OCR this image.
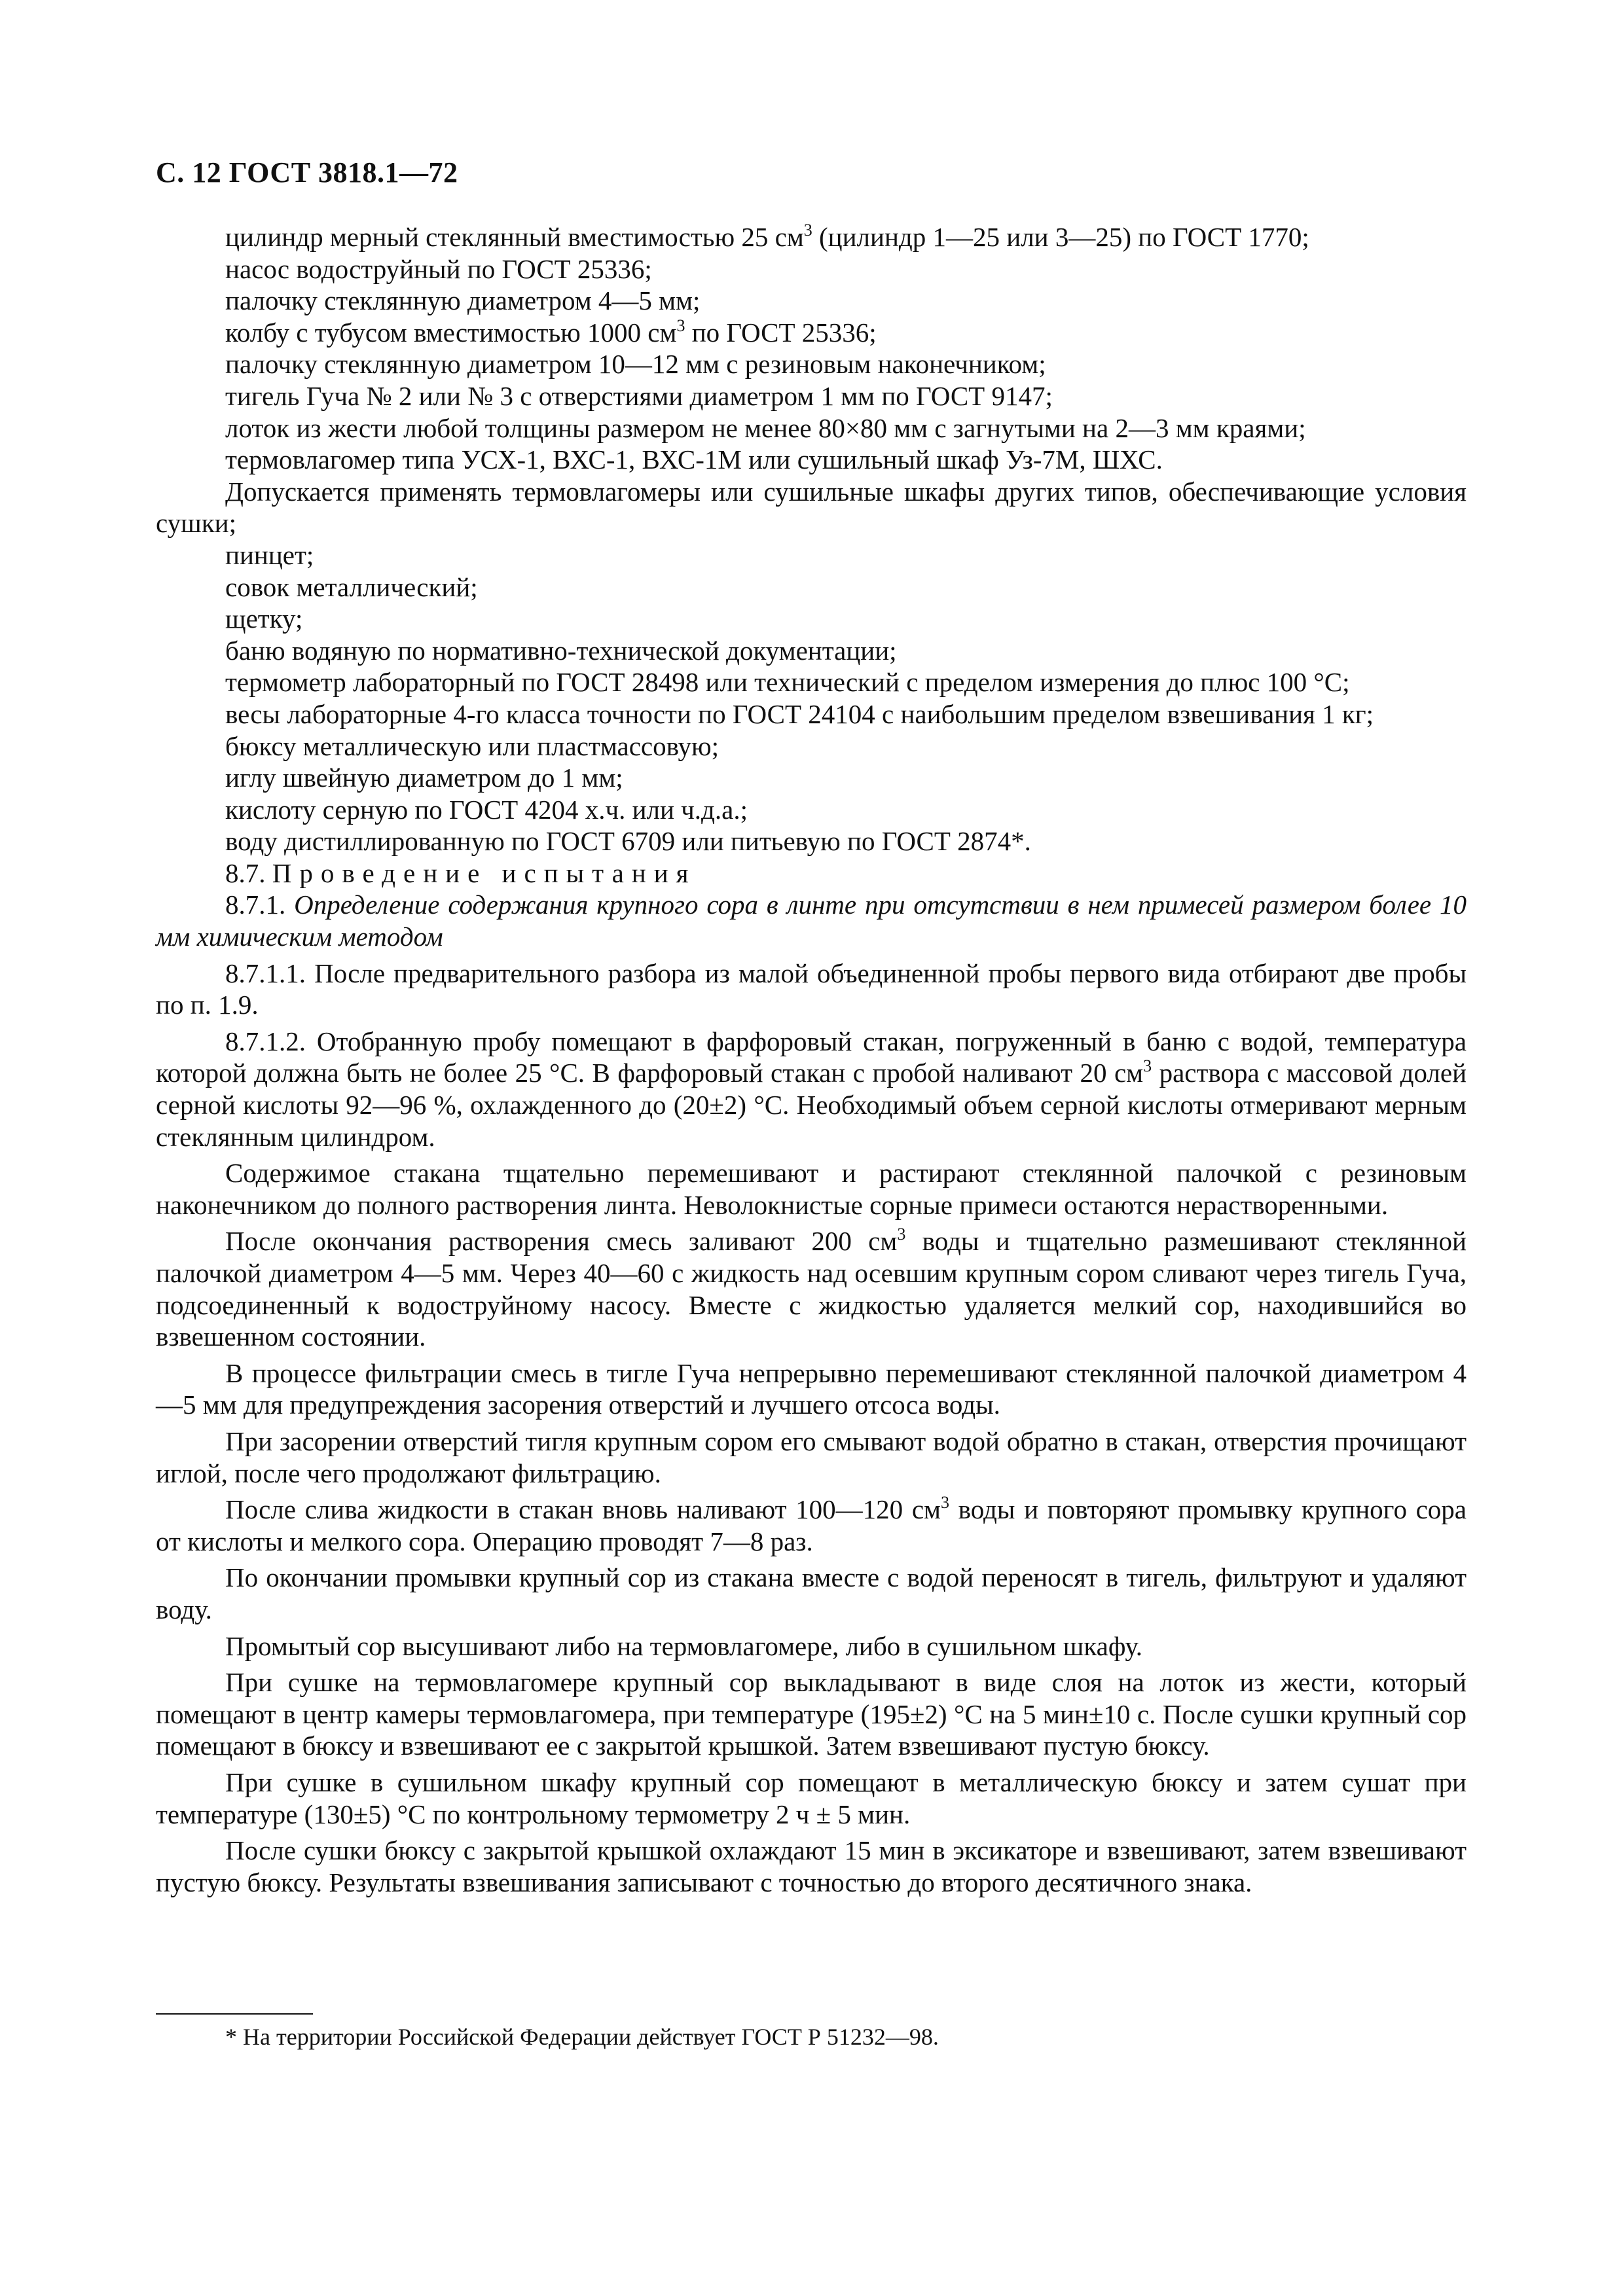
С. 12 ГОСТ 3818.1—72

цилиндр мерный стеклянный вместимостью 25 $см^3$ (цилиндр 1—25 или 3—25) по ГОСТ 1770;

насос водоструйный по ГОСТ 25336;

палочку стеклянную диаметром 4—5 мм;

колбу с тубусом вместимостью 1000 $см^3$ по ГОСТ 25336;

палочку стеклянную диаметром 10—12 мм с резиновым наконечником;

тигель Гуча № 2 или № 3 с отверстиями диаметром 1 мм по ГОСТ 9147;

лоток из жести любой толщины размером не менее 80×80 мм с загнутыми на 2—3 мм краями;

термовлагомер типа УСХ-1, ВХС-1, ВХС-1М или сушильный шкаф Уз-7М, ШХС.

Допускается применять термовлагомеры или сушильные шкафы других типов, обеспечивающие условия сушки;

пинцет;

совок металлический;

щетку;

баню водяную по нормативно-технической документации;

термометр лабораторный по ГОСТ 28498 или технический с пределом измерения до плюс 100 °С;

весы лабораторные 4-го класса точности по ГОСТ 24104 с наибольшим пределом взвешивания 1 кг;

бюксу металлическую или пластмассовую;

иглу швейную диаметром до 1 мм;

кислоту серную по ГОСТ 4204 х.ч. или ч.д.а.;

воду дистиллированную по ГОСТ 6709 или питьевую по ГОСТ 2874*.

8.7. Проведение испытания

8.7.1. Определение содержания крупного сора в линте при отсутствии в нем примесей размером более 10 мм химическим методом

8.7.1.1. После предварительного разбора из малой объединенной пробы первого вида отбирают две пробы по п. 1.9.

8.7.1.2. Отобранную пробу помещают в фарфоровый стакан, погруженный в баню с водой, температура которой должна быть не более 25 °С. В фарфоровый стакан с пробой наливают 20 $см^3$ раствора с массовой долей серной кислоты 92—96 %, охлажденного до (20±2) °С. Необходимый объем серной кислоты отмеривают мерным стеклянным цилиндром.

Содержимое стакана тщательно перемешивают и растирают стеклянной палочкой с резиновым наконечником до полного растворения линта. Неволокнистые сорные примеси остаются нерастворенными.

После окончания растворения смесь заливают 200 $см^3$ воды и тщательно размешивают стеклянной палочкой диаметром 4—5 мм. Через 40—60 с жидкость над осевшим крупным сором сливают через тигель Гуча, подсоединенный к водоструйному насосу. Вместе с жидкостью удаляется мелкий сор, находившийся во взвешенном состоянии.

В процессе фильтрации смесь в тигле Гуча непрерывно перемешивают стеклянной палочкой диаметром 4—5 мм для предупреждения засорения отверстий и лучшего отсоса воды.

При засорении отверстий тигля крупным сором его смывают водой обратно в стакан, отверстия прочищают иглой, после чего продолжают фильтрацию.

После слива жидкости в стакан вновь наливают 100—120 $см^3$ воды и повторяют промывку крупного сора от кислоты и мелкого сора. Операцию проводят 7—8 раз.

По окончании промывки крупный сор из стакана вместе с водой переносят в тигель, фильтруют и удаляют воду.

Промытый сор высушивают либо на термовлагомере, либо в сушильном шкафу.

При сушке на термовлагомере крупный сор выкладывают в виде слоя на лоток из жести, который помещают в центр камеры термовлагомера, при температуре (195±2) °С на 5 мин±10 с. После сушки крупный сор помещают в бюксу и взвешивают ее с закрытой крышкой. Затем взвешивают пустую бюксу.

При сушке в сушильном шкафу крупный сор помещают в металлическую бюксу и затем сушат при температуре (130±5) °С по контрольному термометру 2 ч ± 5 мин.

После сушки бюксу с закрытой крышкой охлаждают 15 мин в эксикаторе и взвешивают, затем взвешивают пустую бюксу. Результаты взвешивания записывают с точностью до второго десятичного знака.

* На территории Российской Федерации действует ГОСТ Р 51232—98.
